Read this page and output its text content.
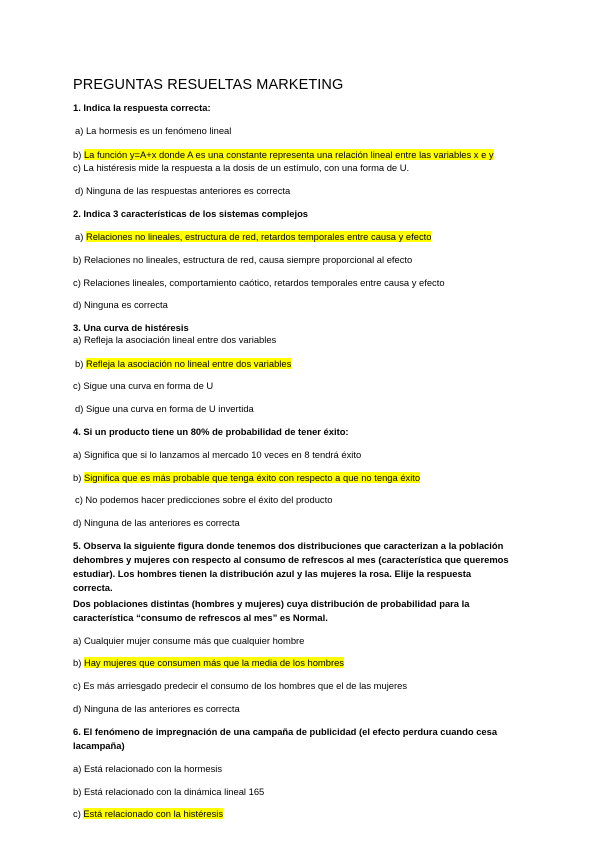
PREGUNTAS RESUELTAS MARKETING
1. Indica la respuesta correcta:
a) La hormesis es un fenómeno lineal
b) La función y=A+x donde A es una constante representa una relación lineal entre las variables x e y
c) La histéresis mide la respuesta a la dosis de un estímulo, con una forma de U.
d) Ninguna de las respuestas anteriores es correcta
2. Indica 3 características de los sistemas complejos
a) Relaciones no lineales, estructura de red, retardos temporales entre causa y efecto
b) Relaciones no lineales, estructura de red, causa siempre proporcional al efecto
c) Relaciones lineales, comportamiento caótico, retardos temporales entre causa y efecto
d) Ninguna es correcta
3. Una curva de histéresis
a) Refleja la asociación lineal entre dos variables
b) Refleja la asociación no lineal entre dos variables
c) Sigue una curva en forma de U
d) Sigue una curva en forma de U invertida
4. Si un producto tiene un 80% de probabilidad de tener éxito:
a) Significa que si lo lanzamos al mercado 10 veces en 8 tendrá éxito
b) Significa que es más probable que tenga éxito con respecto a que no tenga éxito
c) No podemos hacer predicciones sobre el éxito del producto
d) Ninguna de las anteriores es correcta
5. Observa la siguiente figura donde tenemos dos distribuciones que caracterizan a la población
dehombres y mujeres con respecto al consumo de refrescos al mes (característica que queremos
estudiar). Los hombres tienen la distribución azul y las mujeres la rosa. Elije la respuesta
correcta.
Dos poblaciones distintas (hombres y mujeres) cuya distribución de probabilidad para la
característica “consumo de refrescos al mes” es Normal.
a) Cualquier mujer consume más que cualquier hombre
b) Hay mujeres que consumen más que la media de los hombres
c) Es más arriesgado predecir el consumo de los hombres que el de las mujeres
d) Ninguna de las anteriores es correcta
6. El fenómeno de impregnación de una campaña de publicidad (el efecto perdura cuando cesa
lacampaña)
a) Está relacionado con la hormesis
b) Está relacionado con la dinámica lineal 165
c) Está relacionado con la histéresis
